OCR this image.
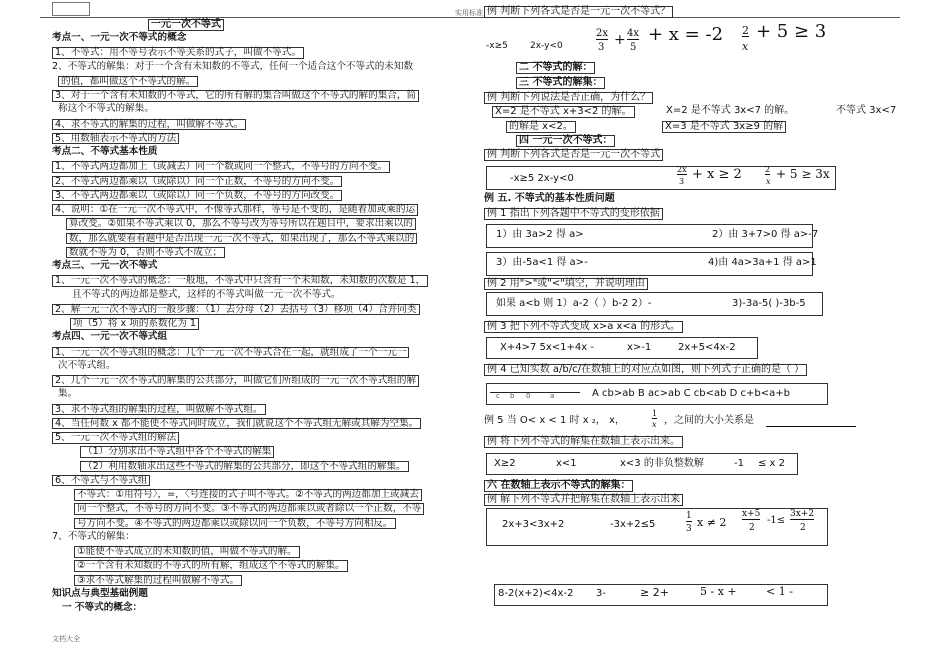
实用标准
文档大全
一元一次不等式
考点一、一元一次不等式的概念
1、不等式：用不等号表示不等关系的式子，叫做不等式。
2、不等式的解集：对于一个含有未知数的不等式，任何一个适合这个不等式的未知数
的值，都叫做这个不等式的解。
3、对于一个含有未知数的不等式，它的所有解的集合叫做这个不等式的解的集合，简
称这个不等式的解集。
4、求不等式的解集的过程，叫做解不等式。
5、用数轴表示不等式的方法
考点二、不等式基本性质
1、不等式两边都加上（或减去）同一个数或同一个整式，不等号的方向不变。
2、不等式两边都乘以（或除以）同一个正数，不等号的方向不变。
3、不等式两边都乘以（或除以）同一个负数，不等号的方向改变。
4、说明：①在一元一次不等式中，不像等式那样，等号是不变的，是随着加或乘的运
算改变。②如果不等式乘以 0，那么不等号改为等号所以在题目中，要求出乘以的
数，那么就要看看题中是否出现一元一次不等式，如果出现了，那么不等式乘以的
数就不等为 0，否则不等式不成立；
考点三、一元一次不等式
1、一元一次不等式的概念：一般地，不等式中只含有一个未知数，未知数的次数是 1，
且不等式的两边都是整式，这样的不等式叫做一元一次不等式。
2、解一元一次不等式的一般步骤：（1）去分母（2）去括号（3）移项（4）合并同类
项（5）将 x 项的系数化为 1
考点四、一元一次不等式组
1、一元一次不等式组的概念：几个一元一次不等式合在一起，就组成了一个一元一
次不等式组。
2、几个一元一次不等式的解集的公共部分，叫做它们所组成的一元一次不等式组的解
集。
3、求不等式组的解集的过程，叫做解不等式组。
4、当任何数 x 都不能使不等式同时成立，我们就说这个不等式组无解或其解为空集。
5、一元一次不等式组的解法
（1）分别求出不等式组中各个不等式的解集
（2）利用数轴求出这些不等式的解集的公共部分，即这个不等式组的解集。
6、不等式与不等式组
不等式：①用符号〉，=，〈号连接的式子叫不等式。②不等式的两边都加上或减去
同一个整式，不等号的方向不变。③不等式的两边都乘以或者除以一个正数，不等
号方向不变。④不等式的两边都乘以或除以同一个负数，不等号方向相反。
7、不等式的解集：
①能使不等式成立的未知数的值，叫做不等式的解。
②一个含有未知数的不等式的所有解，组成这个不等式的解集。
③求不等式解集的过程叫做解不等式。
知识点与典型基础例题
一 不等式的概念：
例 判断下列各式是否是一元一次不等式？
-x≥5 2x-y<0
2x
3 + 4x
5
+ x = -2 2
x
+ 5 ≥ 3
二 不等式的解：
三 不等式的解集：
例 判断下列说法是否正确，为什么？
X=2 是不等式 x+3<2 的解。	X=2 是不等式 3x<7 的解。	不等式 3x<7
的解是 x<2。	X=3 是不等式 3x≥9 的解
四 一元一次不等式：
例 判断下列各式是否是一元一次不等式
-x≥5 2x-y<0
2x
3 + x ≥ 2	2
x
+ 5 ≥ 3x
例 五. 不等式的基本性质问题
例 1 指出下列各题中不等式的变形依据
1）由 3a>2 得 a>	2）由 3+7>0 得 a>-7
3）由-5a<1 得 a>-	4)由 4a>3a+1 得 a>1
例 2 用">"或"<"填空，并说明理由
如果 a<b 则 1）a-2（ ）b-2 2）-	3)-3a-5( )-3b-5
例 3 把下列不等式变成 x>a x<a 的形式。
X+4>7 5x<1+4x -	x>-1	2x+5<4x-2
例 4 已知实数 a/b/c/在数轴上的对应点如图，则下列式子正确的是（ ）
c b 0	a	A cb>ab B ac>ab C cb<ab D c+b<a+b
例 5 当 O< x < 1 时 x ₂， x，
1
x ，之间的大小关系是
例 将下列不等式的解集在数轴上表示出来。
X≥2	x<1	x<3 的非负整数解	-1 ≤ x 2
六 在数轴上表示不等式的解集：
例 解下列不等式并把解集在数轴上表示出来
2x+3<3x+2	-3x+2≤5
1
3 x ≠ 2
x+5
2
-1≤
3x+2
2
8-2(x+2)<4x-2 3-	≥ 2+	5 - x +	< 1 -
